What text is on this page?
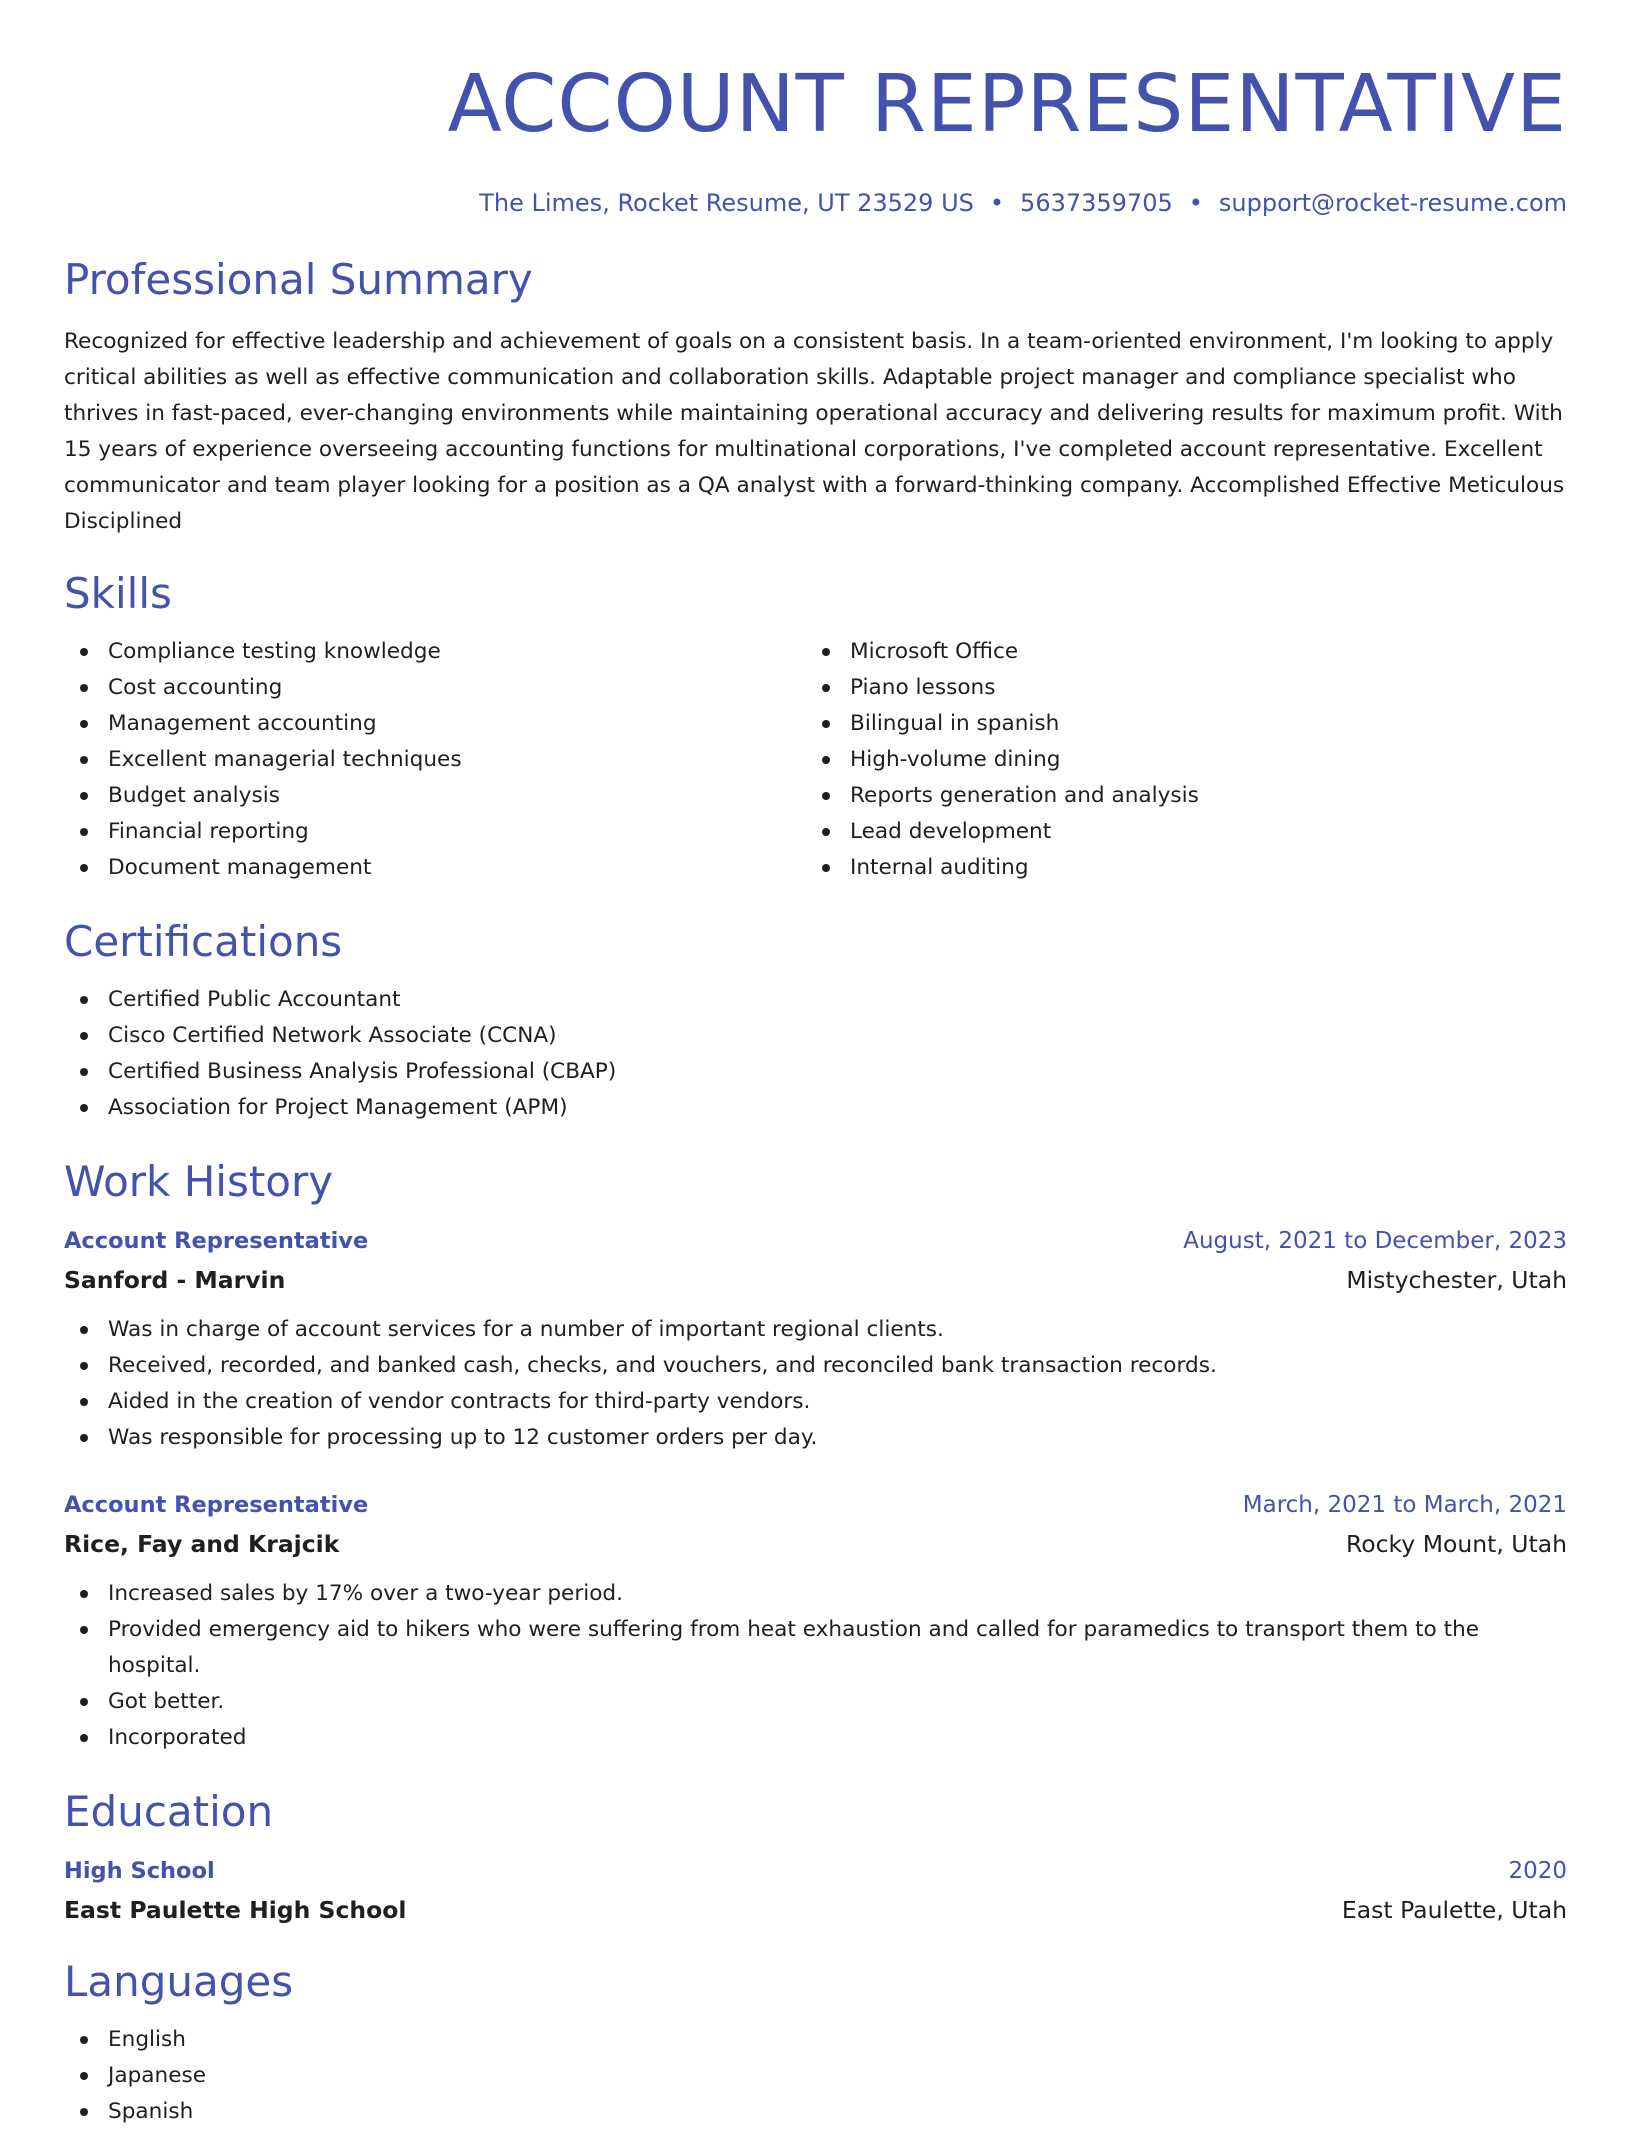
ACCOUNT REPRESENTATIVE
The Limes, Rocket Resume, UT 23529 US • 5637359705 • support@rocket-resume.com
Professional Summary

Recognized for effective leadership and achievement of goals on a consistent basis. In a team-oriented environment, I'm looking to apply critical abilities as well as effective communication and collaboration skills. Adaptable project manager and compliance specialist who thrives in fast-paced, ever-changing environments while maintaining operational accuracy and delivering results for maximum profit. With 15 years of experience overseeing accounting functions for multinational corporations, I've completed account representative. Excellent communicator and team player looking for a position as a QA analyst with a forward-thinking company. Accomplished Effective Meticulous Disciplined

Skills
Compliance testing knowledge
Cost accounting
Management accounting
Excellent managerial techniques
Budget analysis
Financial reporting
Document management
Microsoft Office
Piano lessons
Bilingual in spanish
High-volume dining
Reports generation and analysis
Lead development
Internal auditing
Certifications
Certified Public Accountant
Cisco Certified Network Associate (CCNA)
Certified Business Analysis Professional (CBAP)
Association for Project Management (APM)
Work History
Account Representative	August, 2021 to December, 2023
Sanford - Marvin	Mistychester, Utah
Was in charge of account services for a number of important regional clients.
Received, recorded, and banked cash, checks, and vouchers, and reconciled bank transaction records.
Aided in the creation of vendor contracts for third-party vendors.
Was responsible for processing up to 12 customer orders per day.
Account Representative	March, 2021 to March, 2021
Rice, Fay and Krajcik	Rocky Mount, Utah
Increased sales by 17% over a two-year period.
Provided emergency aid to hikers who were suffering from heat exhaustion and called for paramedics to transport them to the hospital.
Got better.
Incorporated
Education
High School	2020
East Paulette High School	East Paulette, Utah
Languages
English
Japanese
Spanish
